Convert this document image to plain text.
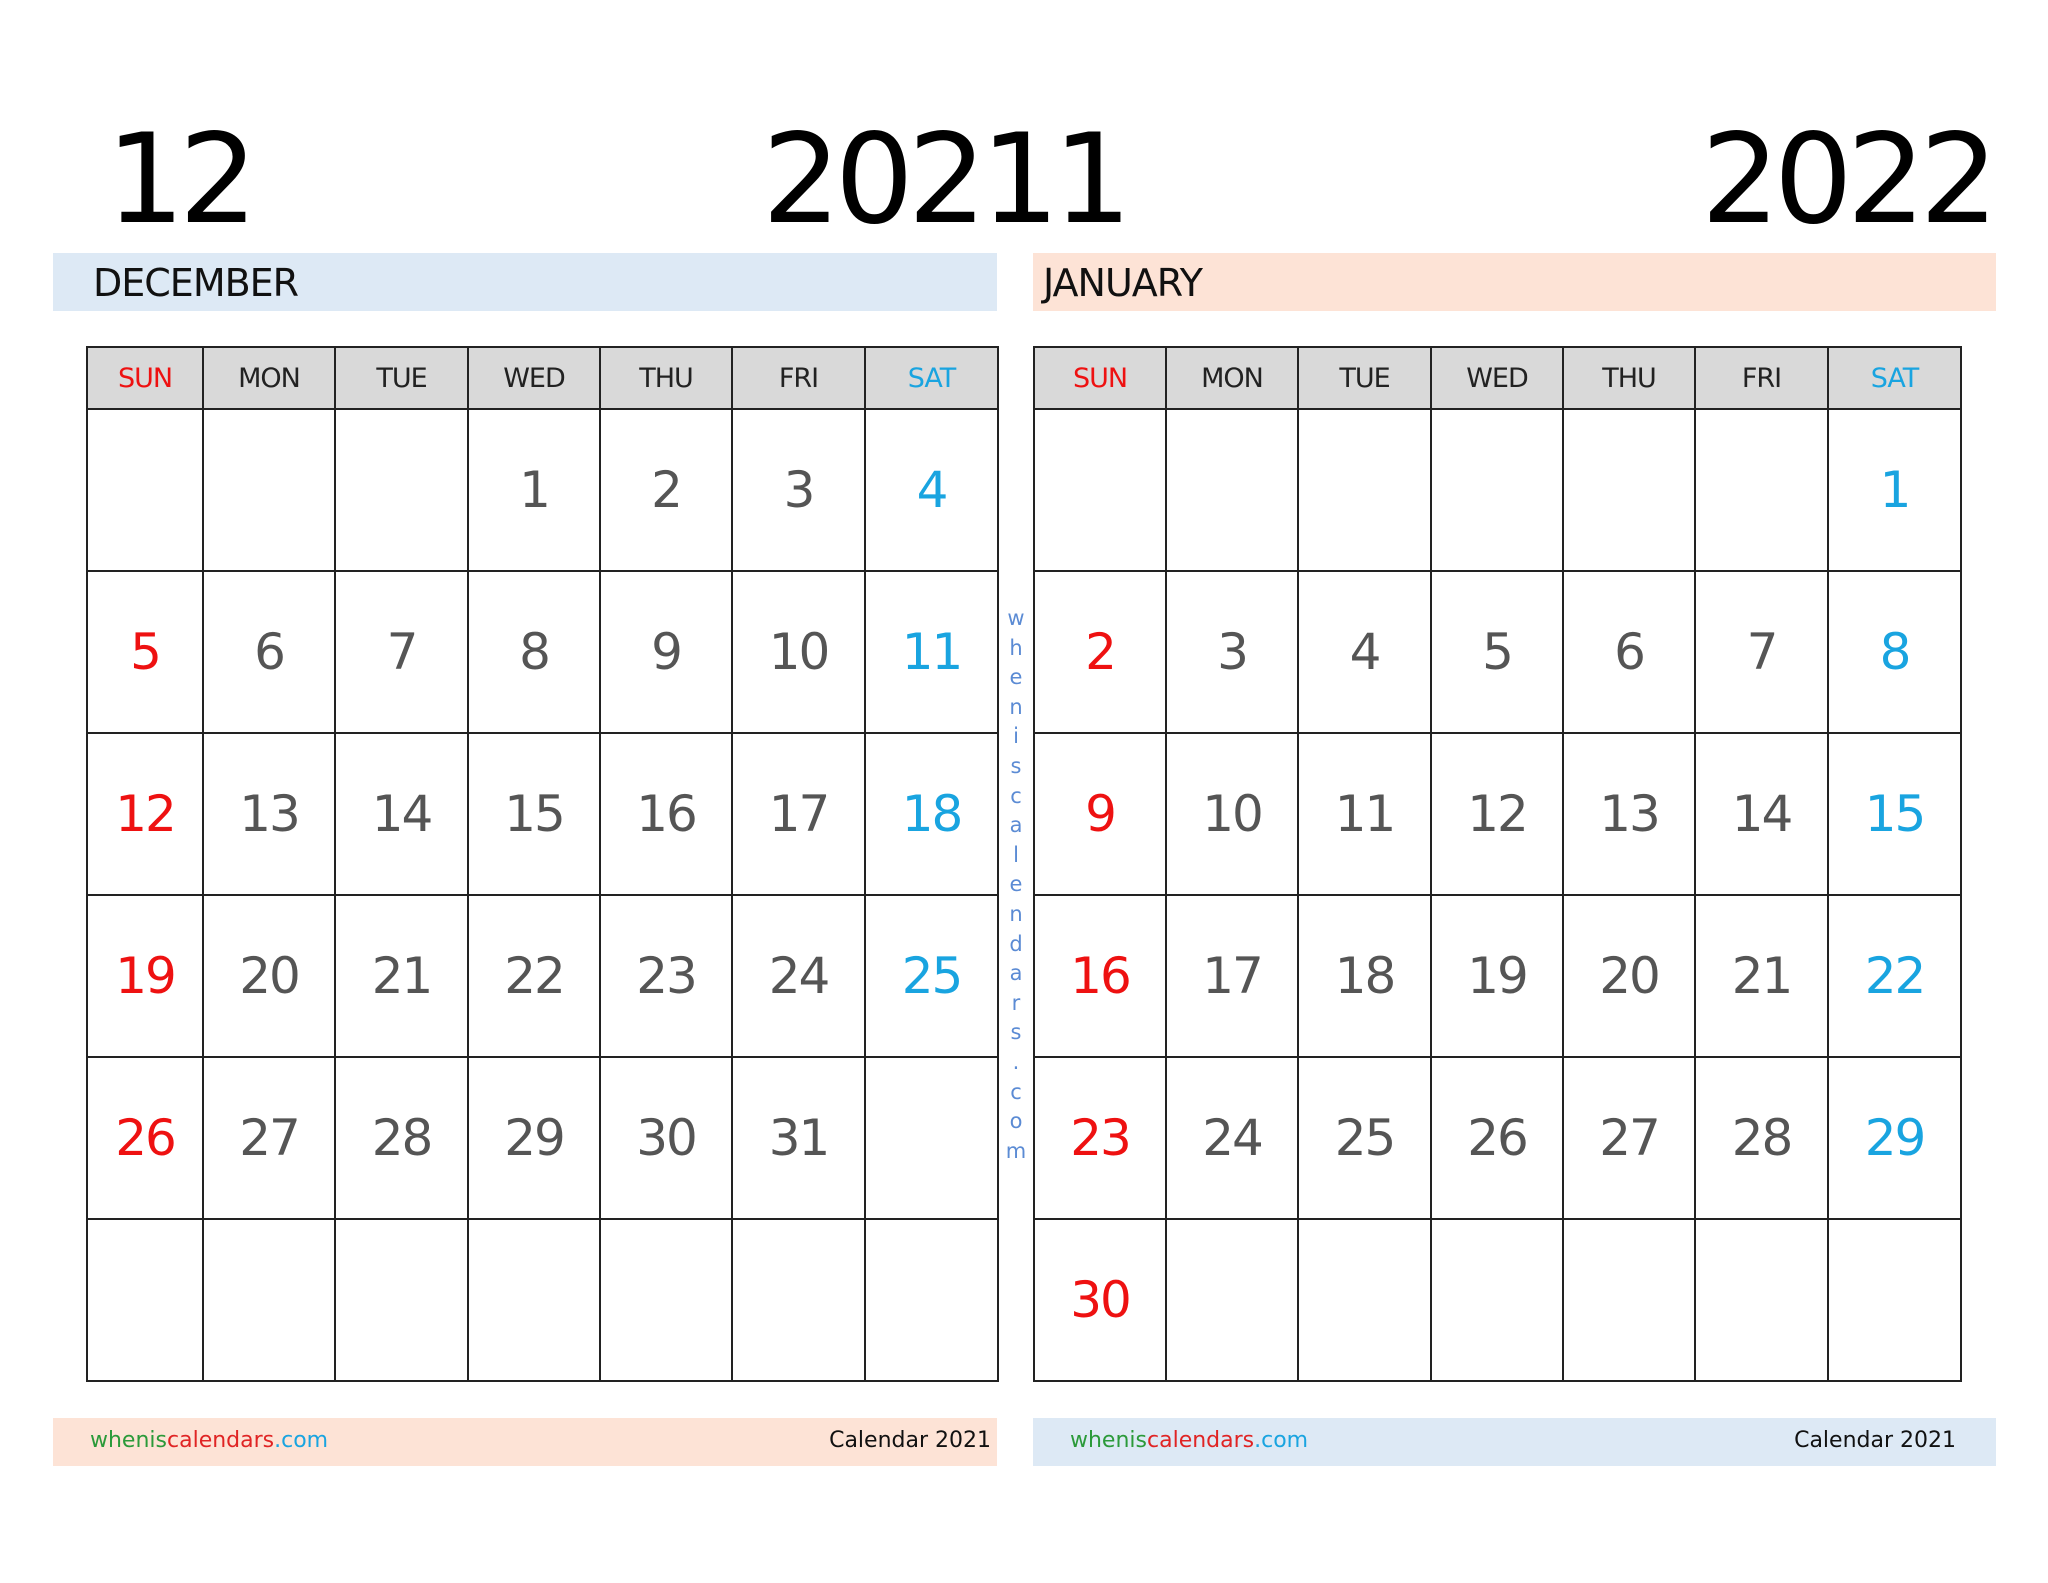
12	2021
DECEMBER
SUN	MON	TUE	WED	THU	FRI	SAT
			1	2	3	4
5	6	7	8	9	10	11
12	13	14	15	16	17	18
19	20	21	22	23	24	25
26	27	28	29	30	31	

wheniscalendars.com	Calendar 2021
1	2022
JANUARY
SUN	MON	TUE	WED	THU	FRI	SAT
						1
2	3	4	5	6	7	8
9	10	11	12	13	14	15
16	17	18	19	20	21	22
23	24	25	26	27	28	29
30						
wheniscalendars.com	Calendar 2021
w
h
e
n
i
s
c
a
l
e
n
d
a
r
s
.
c
o
m
